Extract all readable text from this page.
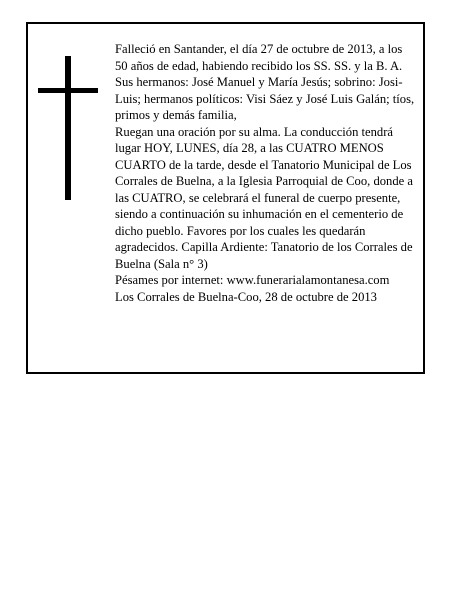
Falleció en Santander, el día 27 de octubre de 2013, a los 50 años de edad, habiendo recibido los SS. SS. y la B. A.

Sus hermanos: José Manuel y María Jesús; sobrino: Josi- Luis; hermanos políticos: Visi Sáez y José Luis Galán; tíos, primos y demás familia,

Ruegan una oración por su alma. La conducción tendrá lugar HOY, LUNES, día 28, a las CUATRO MENOS CUARTO de la tarde, desde el Tanatorio Municipal de Los Corrales de Buelna, a la Iglesia Parroquial de Coo, donde a las CUATRO, se celebrará el funeral de cuerpo presente, siendo a continuación su inhumación en el cementerio de dicho pueblo. Favores por los cuales les quedarán agradecidos. Capilla Ardiente: Tanatorio de los Corrales de Buelna (Sala n° 3)

Pésames por internet: www.funerarialamontanesa.com

Los Corrales de Buelna-Coo, 28 de octubre de 2013
